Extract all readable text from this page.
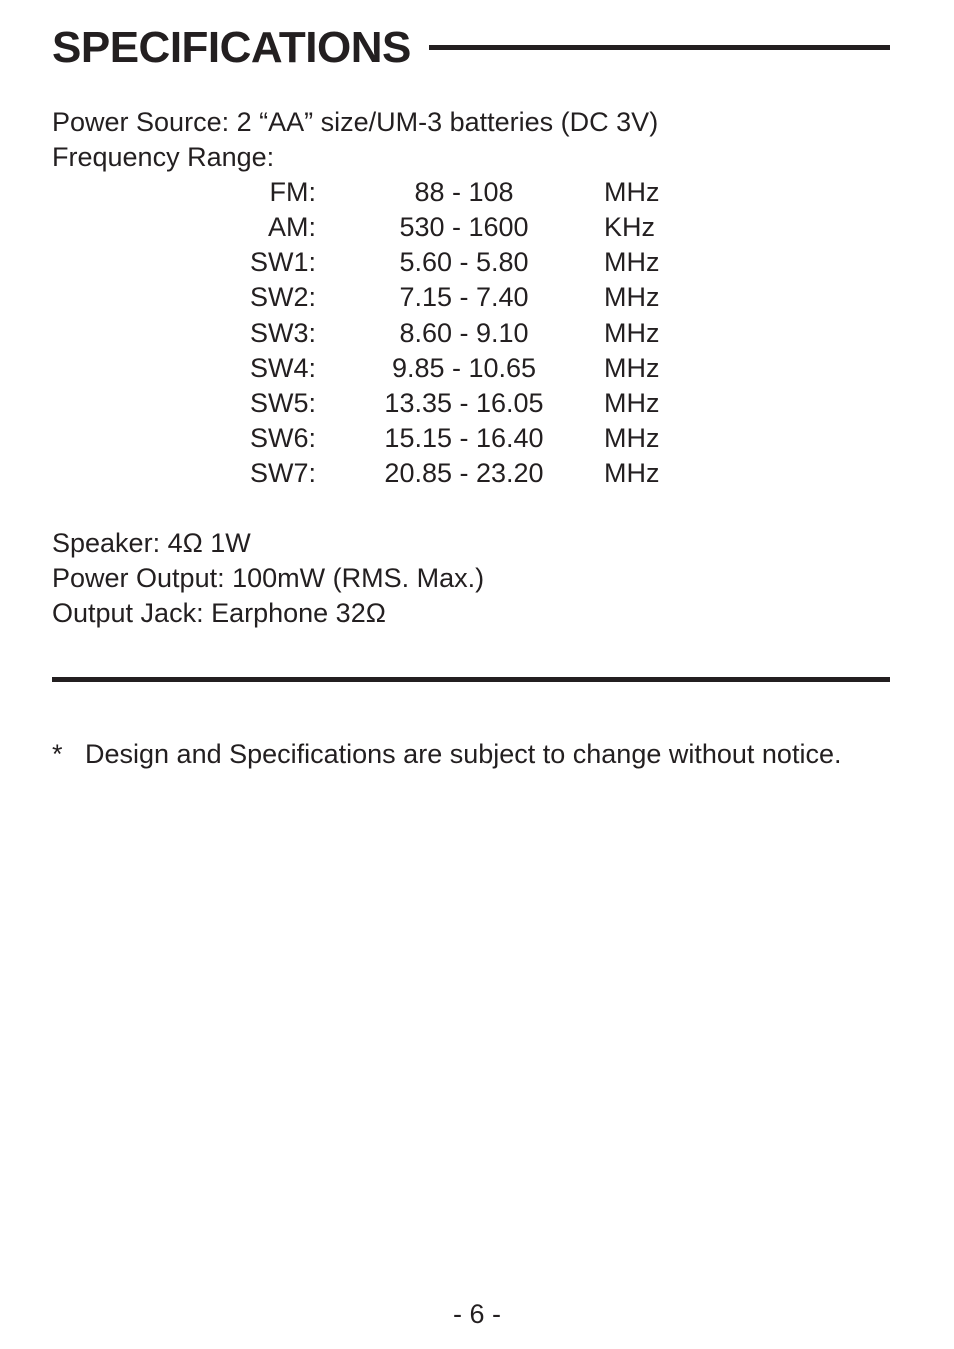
SPECIFICATIONS
Power Source: 2 “AA” size/UM-3 batteries (DC 3V)
Frequency Range:
FM:	88 - 108	MHz
AM:	530 - 1600	KHz
SW1:	5.60 - 5.80	MHz
SW2:	7.15 - 7.40	MHz
SW3:	8.60 - 9.10	MHz
SW4:	9.85 - 10.65	MHz
SW5:	13.35 - 16.05 MHz
SW6:	15.15 - 16.40 MHz
SW7:	20.85 - 23.20 MHz
Speaker: 4Ω 1W
Power Output: 100mW (RMS. Max.)
Output Jack: Earphone 32Ω
* Design and Specifications are subject to change without notice.
- 6 -
